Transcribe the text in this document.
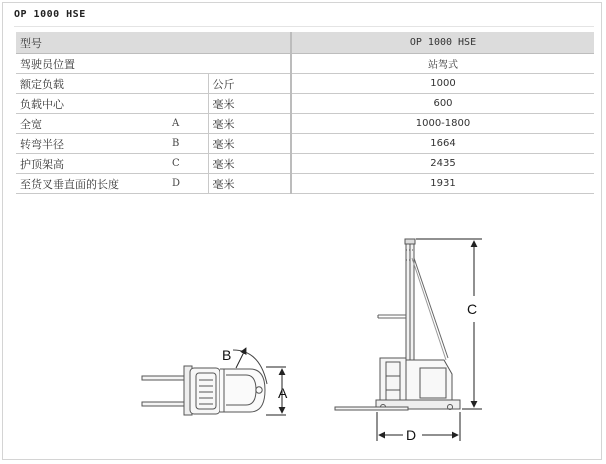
OP 1000 HSE
型号			OP 1000 HSE
驾驶员位置			站驾式
额定负载		公斤	1000
负载中心		毫米	600
全宽	A	毫米	1000-1800
转弯半径	B	毫米	1664
护顶架高	C	毫米	2435
至货叉垂直面的长度	D	毫米	1931
B
A
C
D
